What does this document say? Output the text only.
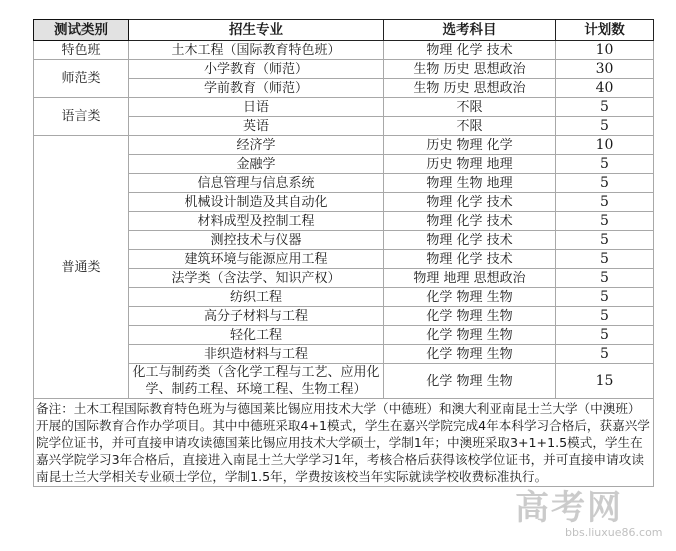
测试类别	招生专业	选考科目	计划数
特色班	土木工程（国际教育特色班）	物理 化学 技术	10
师范类	小学教育（师范）	生物 历史 思想政治	30
	学前教育（师范）	生物 历史 思想政治	40
语言类	日语	不限	5
	英语	不限	5
普通类	经济学	历史 物理 化学	10
	金融学	历史 物理 地理	5
	信息管理与信息系统	物理 生物 地理	5
	机械设计制造及其自动化	物理 化学 技术	5
	材料成型及控制工程	物理 化学 技术	5
	测控技术与仪器	物理 化学 技术	5
	建筑环境与能源应用工程	物理 化学 技术	5
	法学类（含法学、知识产权）	物理 地理 思想政治	5
	纺织工程	化学 物理 生物	5
	高分子材料与工程	化学 物理 生物	5
	轻化工程	化学 物理 生物	5
	非织造材料与工程	化学 物理 生物	5
	化工与制药类（含化学工程与工艺、应用化学、制药工程、环境工程、生物工程）	化学 物理 生物	15
备注：土木工程国际教育特色班为与德国莱比锡应用技术大学（中德班）和澳大利亚南昆士兰大学（中澳班）开展的国际教育合作办学项目。其中中德班采取4+1模式，学生在嘉兴学院完成4年本科学习合格后，获嘉兴学院学位证书，并可直接申请攻读德国莱比锡应用技术大学硕士，学制1年；中澳班采取3+1+1.5模式，学生在嘉兴学院学习3年合格后，直接进入南昆士兰大学学习1年，考核合格后获得该校学位证书，并可直接申请攻读南昆士兰大学相关专业硕士学位，学制1.5年，学费按该校当年实际就读学校收费标准执行。			
高考网
bbs.liuxue86.com
